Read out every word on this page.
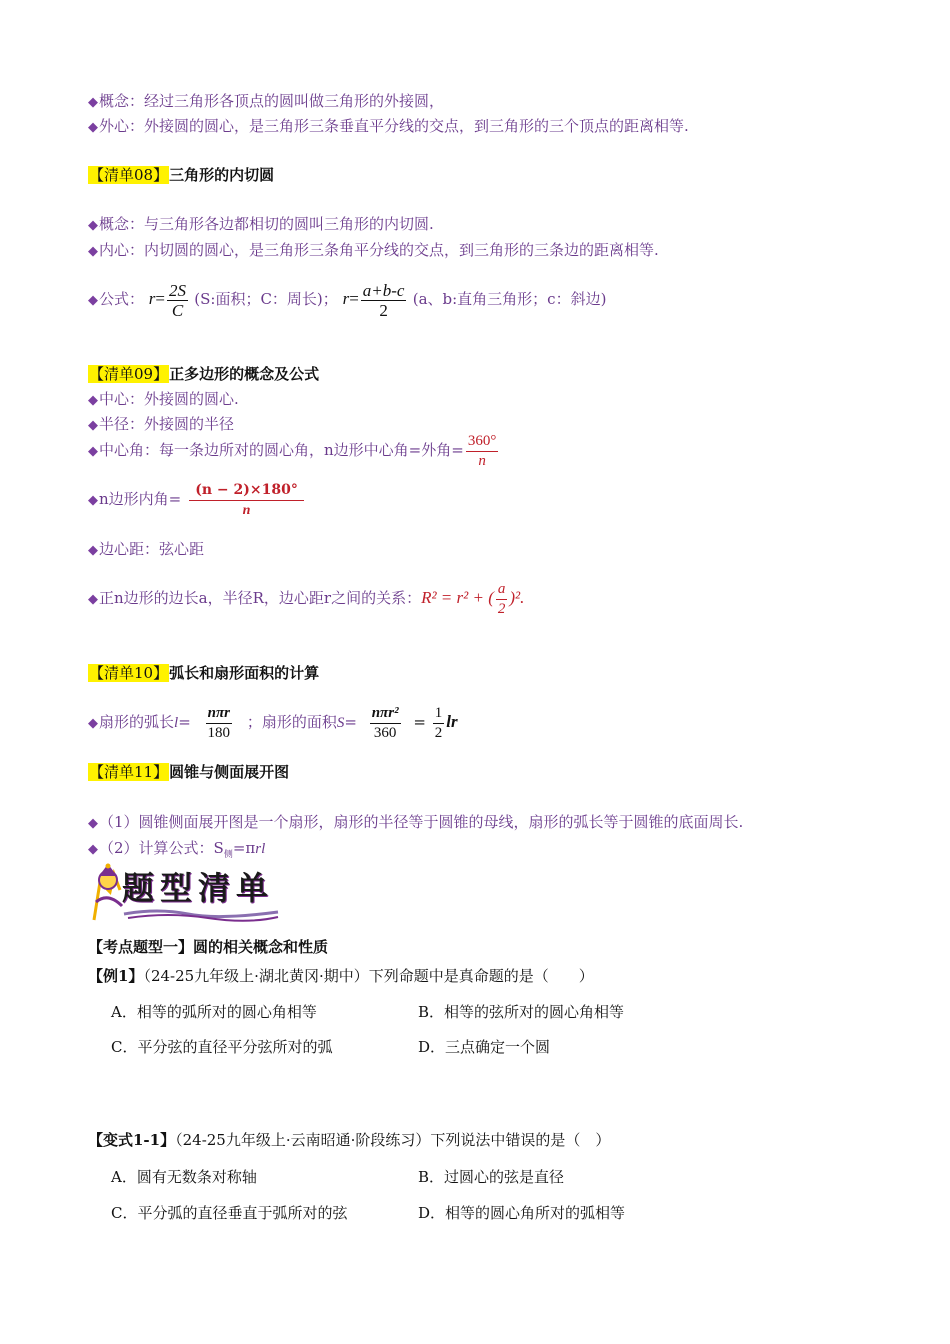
◆概念：经过三角形各顶点的圆叫做三角形的外接圆，
◆外心：外接圆的圆心，是三角形三条垂直平分线的交点，到三角形的三个顶点的距离相等.
【清单08】三角形的内切圆
◆概念：与三角形各边都相切的圆叫三角形的内切圆.
◆内心：内切圆的圆心，是三角形三条角平分线的交点，到三角形的三条边的距离相等.
◆公式： $r= \frac{2S}{C} (S$:面积；C：周长)； $r= \frac{a+b-c}{2} (a$、b:直角三角形；c：斜边)
【清单09】正多边形的概念及公式
◆中心：外接圆的圆心.
◆半径：外接圆的半径
◆中心角：每一条边所对的圆心角，n边形中心角=外角= $\frac{360^\circ}{n}$
◆n边形内角= $\frac{(n - 2)\times 180^\circ}{n}$
◆边心距：弦心距
◆正n边形的边长a，半径R，边心距r之间的关系：R² = r² + ( $\frac{a}{2} )^2$.
【清单10】弧长和扇形面积的计算
◆扇形的弧长$l= \frac{\text{nπr}}{180}$ ；扇形的面积$S= \frac{\text{nπr²}}{360} = \frac{1}{2}$ lr
【清单11】圆锥与侧面展开图
◆（1）圆锥侧面展开图是一个扇形，扇形的半径等于圆锥的母线，扇形的弧长等于圆锥的底面周长.
◆（2）计算公式：$S_侧=\pi rl$
题型清单
【考点题型一】圆的相关概念和性质
【例1】（24-25九年级上·湖北黄冈·期中）下列命题中是真命题的是（　　）
A．相等的弧所对的圆心角相等	B．相等的弦所对的圆心角相等
C．平分弦的直径平分弦所对的弧	D．三点确定一个圆
【变式1-1】（24-25九年级上·云南昭通·阶段练习）下列说法中错误的是（　）
A．圆有无数条对称轴	B．过圆心的弦是直径
C．平分弧的直径垂直于弧所对的弦	D．相等的圆心角所对的弧相等
